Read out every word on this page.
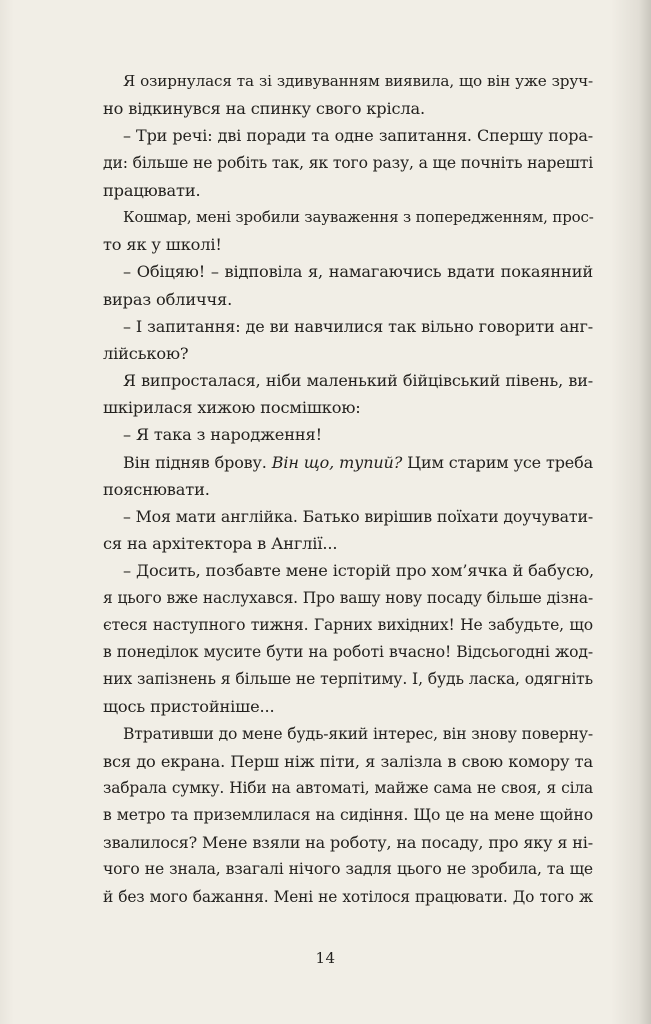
Я озирнулася та зі здивуванням виявила, що він уже зруч-
но відкинувся на спинку свого крісла.
– Три речі: дві поради та одне запитання. Спершу пора-
ди: більше не робіть так, як того разу, а ще почніть нарешті
працювати.
Кошмар, мені зробили зауваження з попередженням, прос-
то як у школі!
– Обіцяю! – відповіла я, намагаючись вдати покаянний
вираз обличчя.
– І запитання: де ви навчилися так вільно говорити анг-
лійською?
Я випросталася, ніби маленький бійцівський півень, ви-
шкірилася хижою посмішкою:
– Я така з народження!
Він підняв брову. Він що, тупий? Цим старим усе треба
пояснювати.
– Моя мати англійка. Батько вирішив поїхати доучувати-
ся на архітектора в Англії...
– Досить, позбавте мене історій про хом’ячка й бабусю,
я цього вже наслухався. Про вашу нову посаду більше дізна-
єтеся наступного тижня. Гарних вихідних! Не забудьте, що
в понеділок мусите бути на роботі вчасно! Відсьогодні жод-
них запізнень я більше не терпітиму. І, будь ласка, одягніть
щось пристойніше...
Втративши до мене будь-який інтерес, він знову поверну-
вся до екрана. Перш ніж піти, я залізла в свою комору та
забрала сумку. Ніби на автоматі, майже сама не своя, я сіла
в метро та приземлилася на сидіння. Що це на мене щойно
звалилося? Мене взяли на роботу, на посаду, про яку я ні-
чого не знала, взагалі нічого задля цього не зробила, та ще
й без мого бажання. Мені не хотілося працювати. До того ж
14
